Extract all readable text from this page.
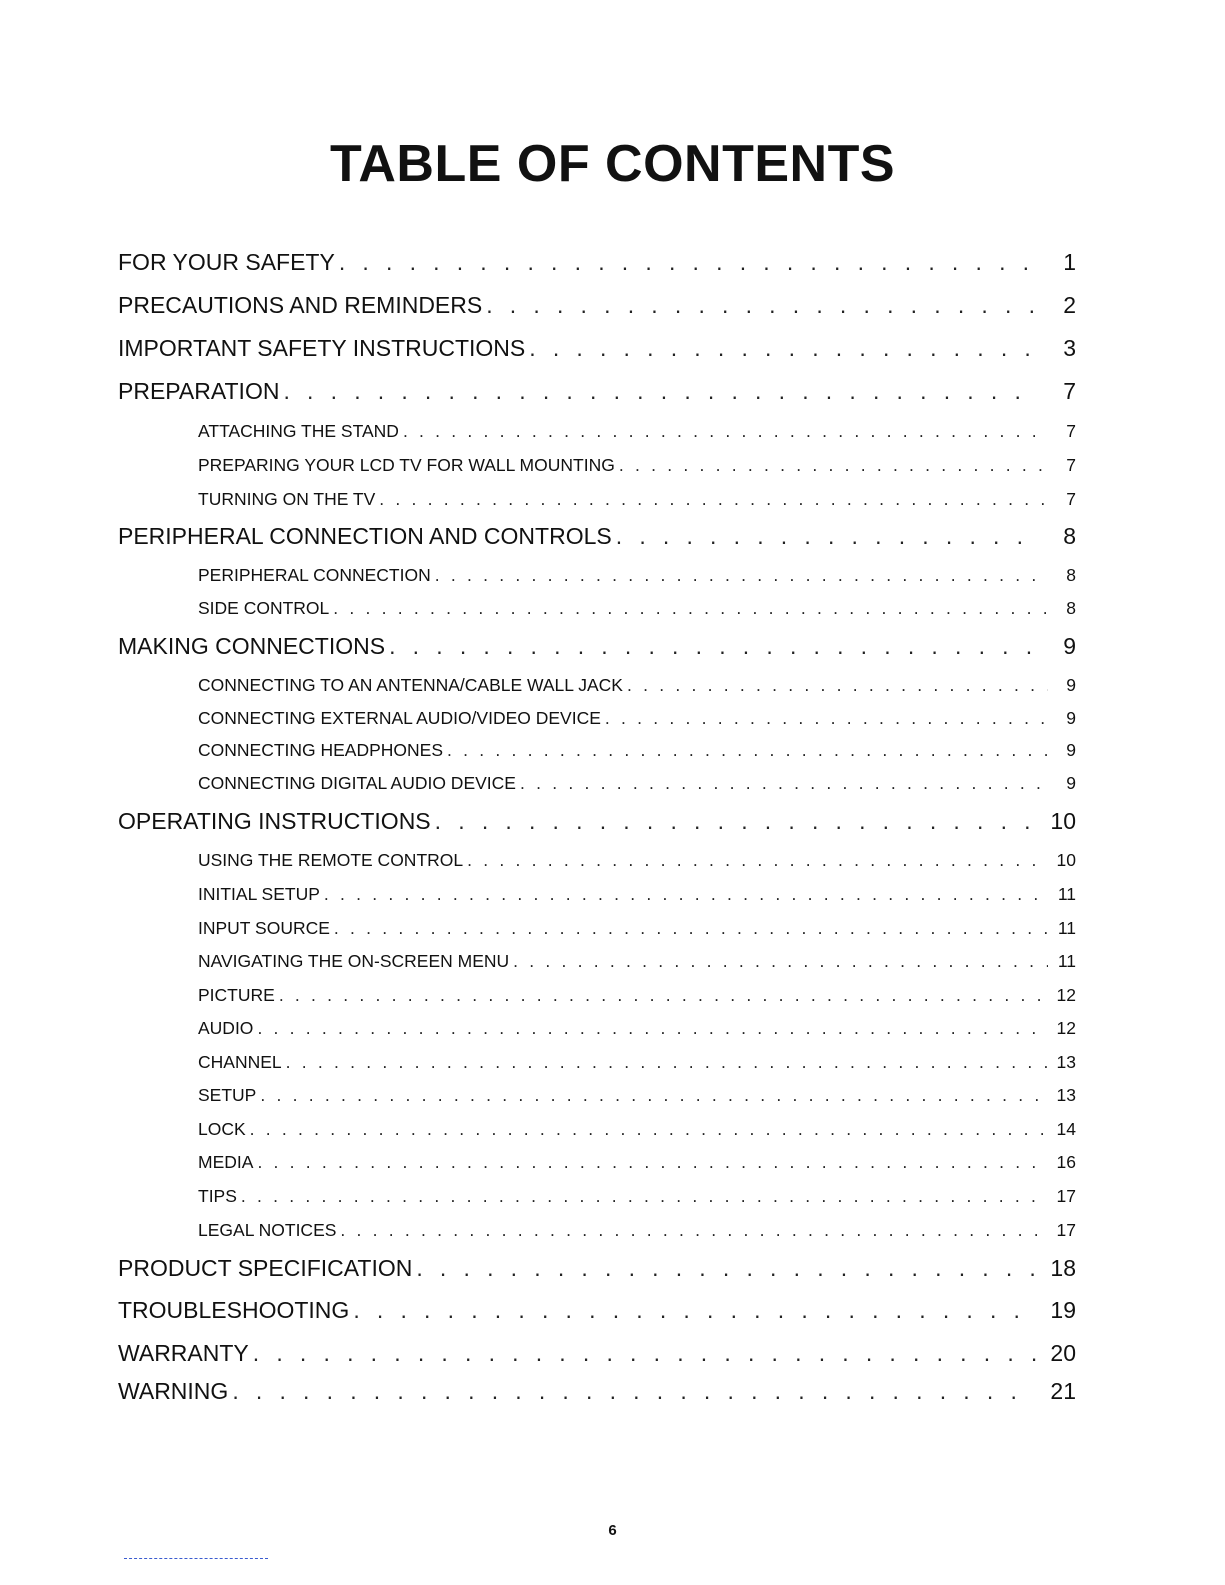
TABLE OF CONTENTS
FOR YOUR SAFETY . . .	1
PRECAUTIONS AND REMINDERS . . .	2
IMPORTANT SAFETY INSTRUCTIONS . . .	3
PREPARATION . . .	7
ATTACHING THE STAND . . .	7
PREPARING YOUR LCD TV FOR WALL MOUNTING . . .	7
TURNING ON THE TV . . .	7
PERIPHERAL CONNECTION AND CONTROLS . . .	8
PERIPHERAL CONNECTION . . .	8
SIDE CONTROL . . .	8
MAKING CONNECTIONS . . .	9
CONNECTING TO AN ANTENNA/CABLE WALL JACK . . .	9
CONNECTING EXTERNAL AUDIO/VIDEO DEVICE . . .	9
CONNECTING HEADPHONES . . .	9
CONNECTING DIGITAL AUDIO DEVICE . . .	9
OPERATING INSTRUCTIONS . . .	10
USING THE REMOTE CONTROL . . .	10
INITIAL SETUP . . .	11
INPUT SOURCE . . .	11
NAVIGATING THE ON-SCREEN MENU . . .	11
PICTURE . . .	12
AUDIO . . .	12
CHANNEL . . .	13
SETUP . . .	13
LOCK . . .	14
MEDIA . . .	16
TIPS . . .	17
LEGAL NOTICES . . .	17
PRODUCT SPECIFICATION . . .	18
TROUBLESHOOTING . . .	19
WARRANTY . . .	20
WARNING . . .	21
6
